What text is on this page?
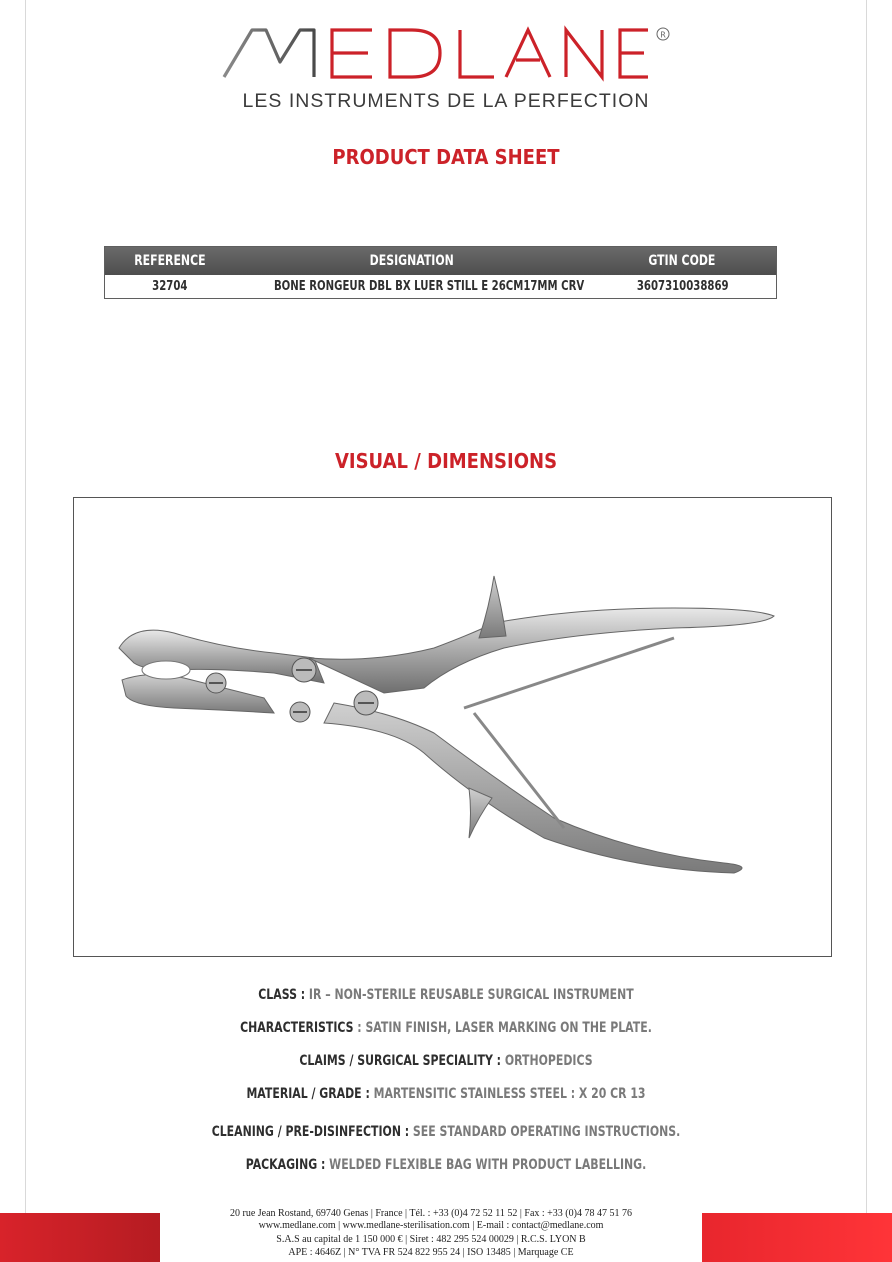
R
LES INSTRUMENTS DE LA PERFECTION
PRODUCT DATA SHEET
REFERENCE	DESIGNATION	GTIN CODE
32704	BONE RONGEUR DBL BX LUER STILL E 26CM17MM CRV	3607310038869
VISUAL / DIMENSIONS
CLASS : IR – NON-STERILE REUSABLE SURGICAL INSTRUMENT
CHARACTERISTICS : SATIN FINISH, LASER MARKING ON THE PLATE.
CLAIMS / SURGICAL SPECIALITY : ORTHOPEDICS
MATERIAL / GRADE : MARTENSITIC STAINLESS STEEL : X 20 CR 13
CLEANING / PRE-DISINFECTION : SEE STANDARD OPERATING INSTRUCTIONS.
PACKAGING : WELDED FLEXIBLE BAG WITH PRODUCT LABELLING.
20 rue Jean Rostand, 69740 Genas | France | Tél. : +33 (0)4 72 52 11 52 | Fax : +33 (0)4 78 47 51 76
www.medlane.com | www.medlane-sterilisation.com | E-mail : contact@medlane.com
S.A.S au capital de 1 150 000 € | Siret : 482 295 524 00029 | R.C.S. LYON B
APE : 4646Z | N° TVA FR 524 822 955 24 | ISO 13485 | Marquage CE
